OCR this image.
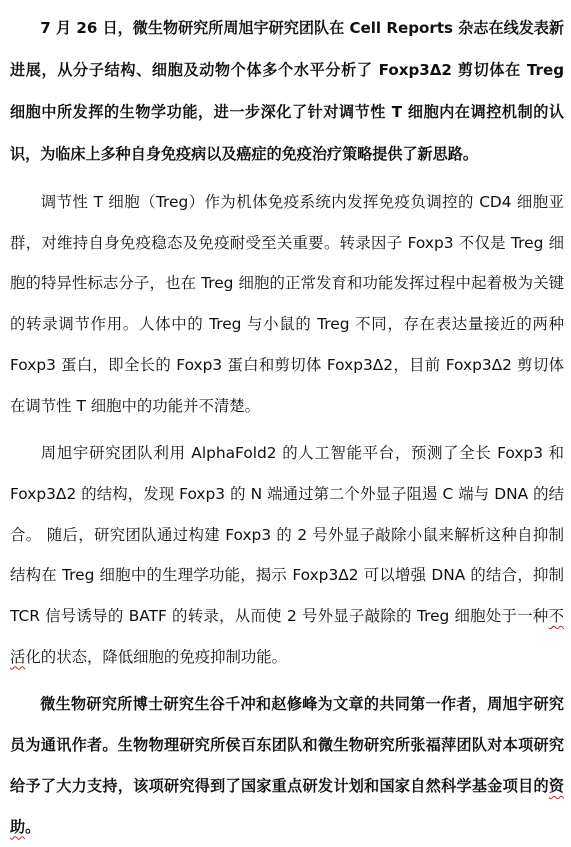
7 月 26 日，微生物研究所周旭宇研究团队在 Cell Reports 杂志在线发表新进展，从分子结构、细胞及动物个体多个水平分析了 Foxp3Δ2 剪切体在 Treg 细胞中所发挥的生物学功能，进一步深化了针对调节性 T 细胞内在调控机制的认识，为临床上多种自身免疫病以及癌症的免疫治疗策略提供了新思路。

调节性 T 细胞（Treg）作为机体免疫系统内发挥免疫负调控的 CD4 细胞亚群，对维持自身免疫稳态及免疫耐受至关重要。转录因子 Foxp3 不仅是 Treg 细胞的特异性标志分子，也在 Treg 细胞的正常发育和功能发挥过程中起着极为关键的转录调节作用。人体中的 Treg 与小鼠的 Treg 不同，存在表达量接近的两种 Foxp3 蛋白，即全长的 Foxp3 蛋白和剪切体 Foxp3Δ2，目前 Foxp3Δ2 剪切体在调节性 T 细胞中的功能并不清楚。

周旭宇研究团队利用 AlphaFold2 的人工智能平台，预测了全长 Foxp3 和 Foxp3Δ2 的结构，发现 Foxp3 的 N 端通过第二个外显子阻遏 C 端与 DNA 的结合。 随后，研究团队通过构建 Foxp3 的 2 号外显子敲除小鼠来解析这种自抑制结构在 Treg 细胞中的生理学功能，揭示 Foxp3Δ2 可以增强 DNA 的结合，抑制 TCR 信号诱导的 BATF 的转录，从而使 2 号外显子敲除的 Treg 细胞处于一种不活化的状态，降低细胞的免疫抑制功能。

微生物研究所博士研究生谷千冲和赵修峰为文章的共同第一作者，周旭宇研究员为通讯作者。生物物理研究所侯百东团队和微生物研究所张福萍团队对本项研究给予了大力支持，该项研究得到了国家重点研发计划和国家自然科学基金项目的资助。
